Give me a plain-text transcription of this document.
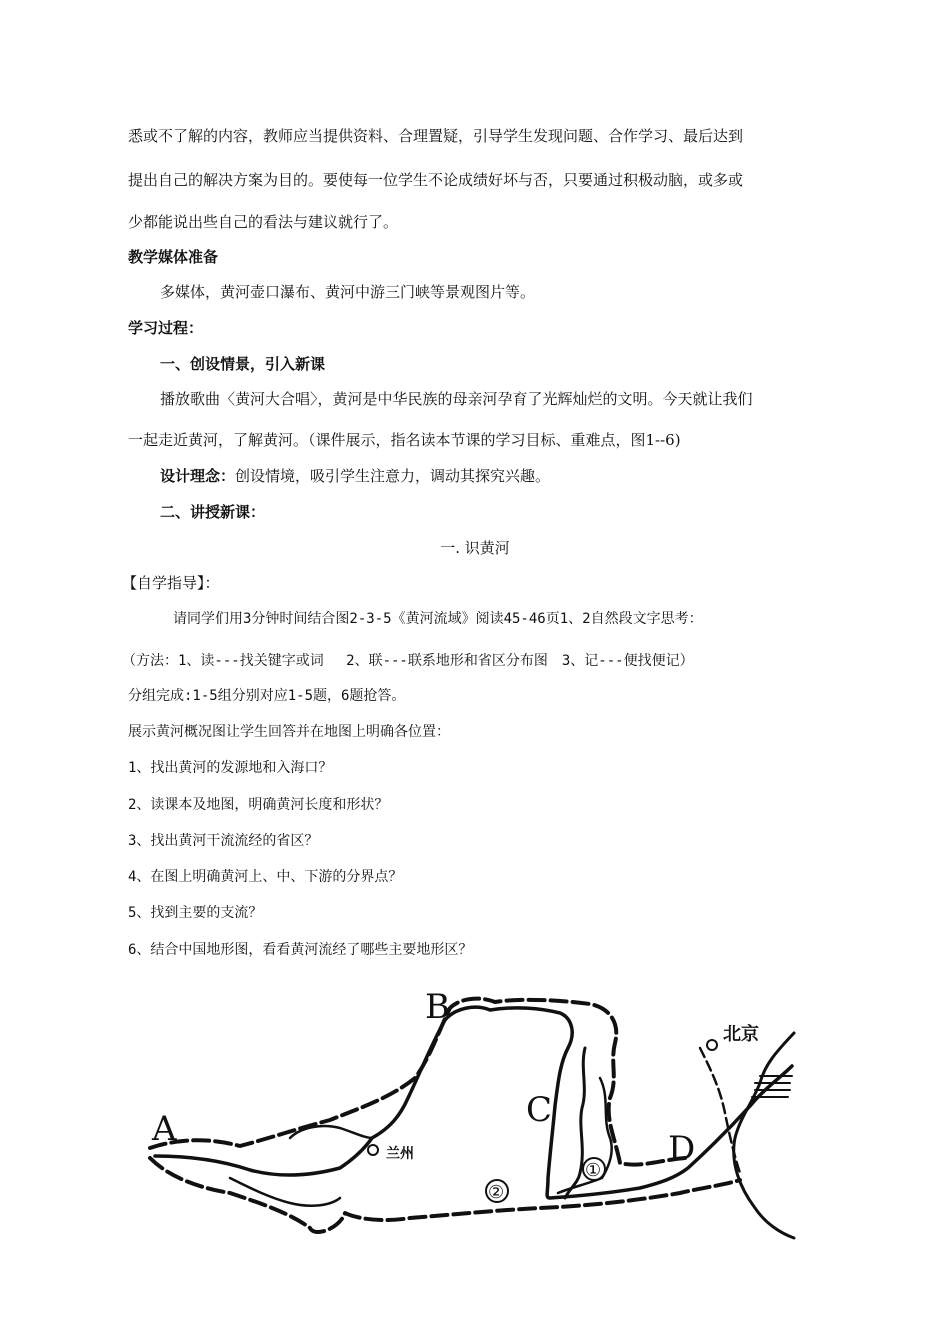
悉或不了解的内容，教师应当提供资料、合理置疑，引导学生发现问题、合作学习、最后达到
提出自己的解决方案为目的。要使每一位学生不论成绩好坏与否，只要通过积极动脑，或多或
少都能说出些自己的看法与建议就行了。
教学媒体准备
多媒体，黄河壶口瀑布、黄河中游三门峡等景观图片等。
学习过程：
一、创设情景，引入新课
播放歌曲〈黄河大合唱〉，黄河是中华民族的母亲河孕育了光辉灿烂的文明。今天就让我们
一起走近黄河，了解黄河。（课件展示，指名读本节课的学习目标、重难点，图1--6)
设计理念：创设情境，吸引学生注意力，调动其探究兴趣。
二、讲授新课：
一. 识黄河
【自学指导】：
请同学们用3分钟时间结合图2-3-5《黄河流域》阅读45-46页1、2自然段文字思考：
（方法：1、读---找关键字或词　 2、联---联系地形和省区分布图　3、记---便找便记）
分组完成:1-5组分别对应1-5题，6题抢答。
展示黄河概况图让学生回答并在地图上明确各位置：
1、找出黄河的发源地和入海口？
2、读课本及地图，明确黄河长度和形状？
3、找出黄河干流流经的省区？
4、在图上明确黄河上、中、下游的分界点？
5、找到主要的支流？
6、结合中国地形图，看看黄河流经了哪些主要地形区？
A
B
C
D
北京
兰州
①
②
